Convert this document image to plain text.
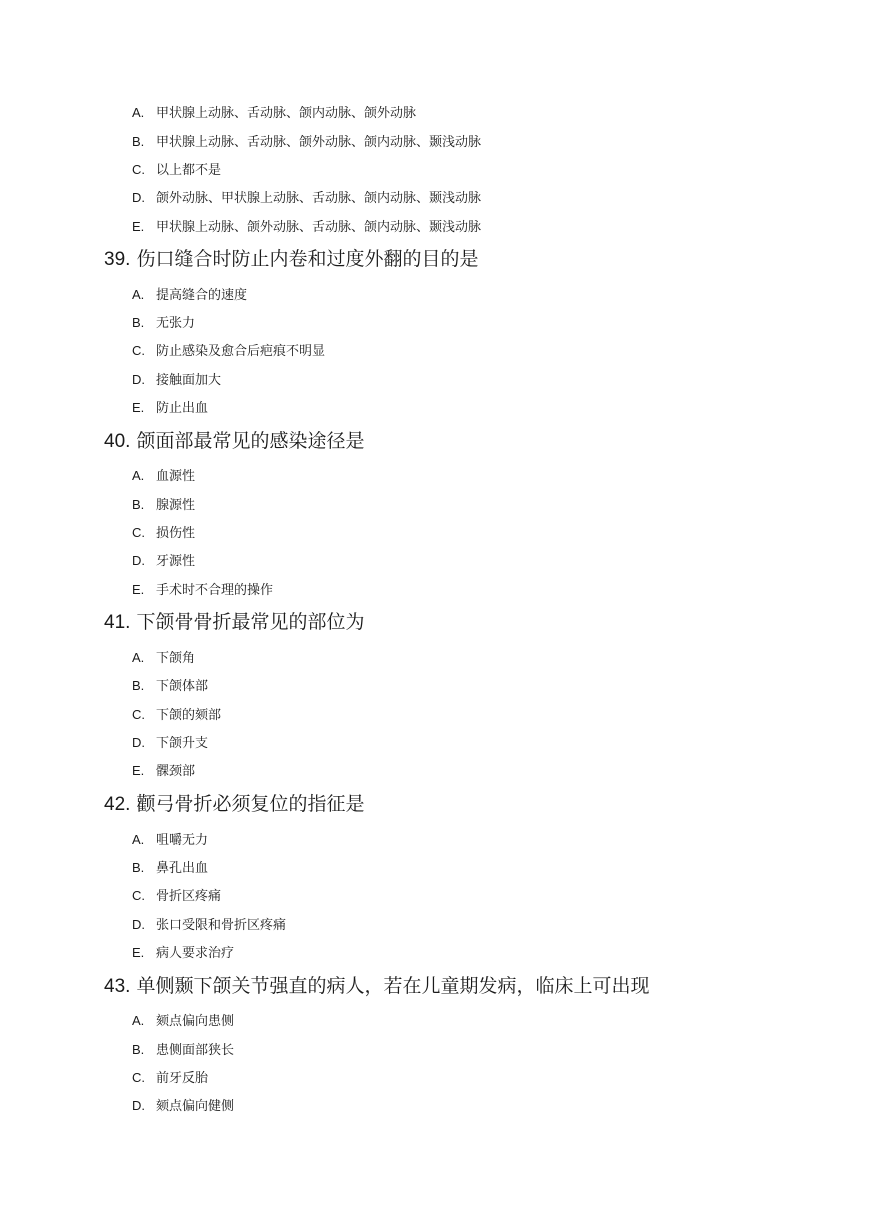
A. 甲状腺上动脉、舌动脉、颌内动脉、颌外动脉
B. 甲状腺上动脉、舌动脉、颌外动脉、颌内动脉、颞浅动脉
C. 以上都不是
D. 颌外动脉、甲状腺上动脉、舌动脉、颌内动脉、颞浅动脉
E. 甲状腺上动脉、颌外动脉、舌动脉、颌内动脉、颞浅动脉
39. 伤口缝合时防止内卷和过度外翻的目的是
A. 提高缝合的速度
B. 无张力
C. 防止感染及愈合后疤痕不明显
D. 接触面加大
E. 防止出血
40. 颌面部最常见的感染途径是
A. 血源性
B. 腺源性
C. 损伤性
D. 牙源性
E. 手术时不合理的操作
41. 下颌骨骨折最常见的部位为
A. 下颌角
B. 下颌体部
C. 下颌的颏部
D. 下颌升支
E. 髁颈部
42. 颧弓骨折必须复位的指征是
A. 咀嚼无力
B. 鼻孔出血
C. 骨折区疼痛
D. 张口受限和骨折区疼痛
E. 病人要求治疗
43. 单侧颞下颌关节强直的病人，若在儿童期发病，临床上可出现
A. 颏点偏向患侧
B. 患侧面部狭长
C. 前牙反胎
D. 颏点偏向健侧
